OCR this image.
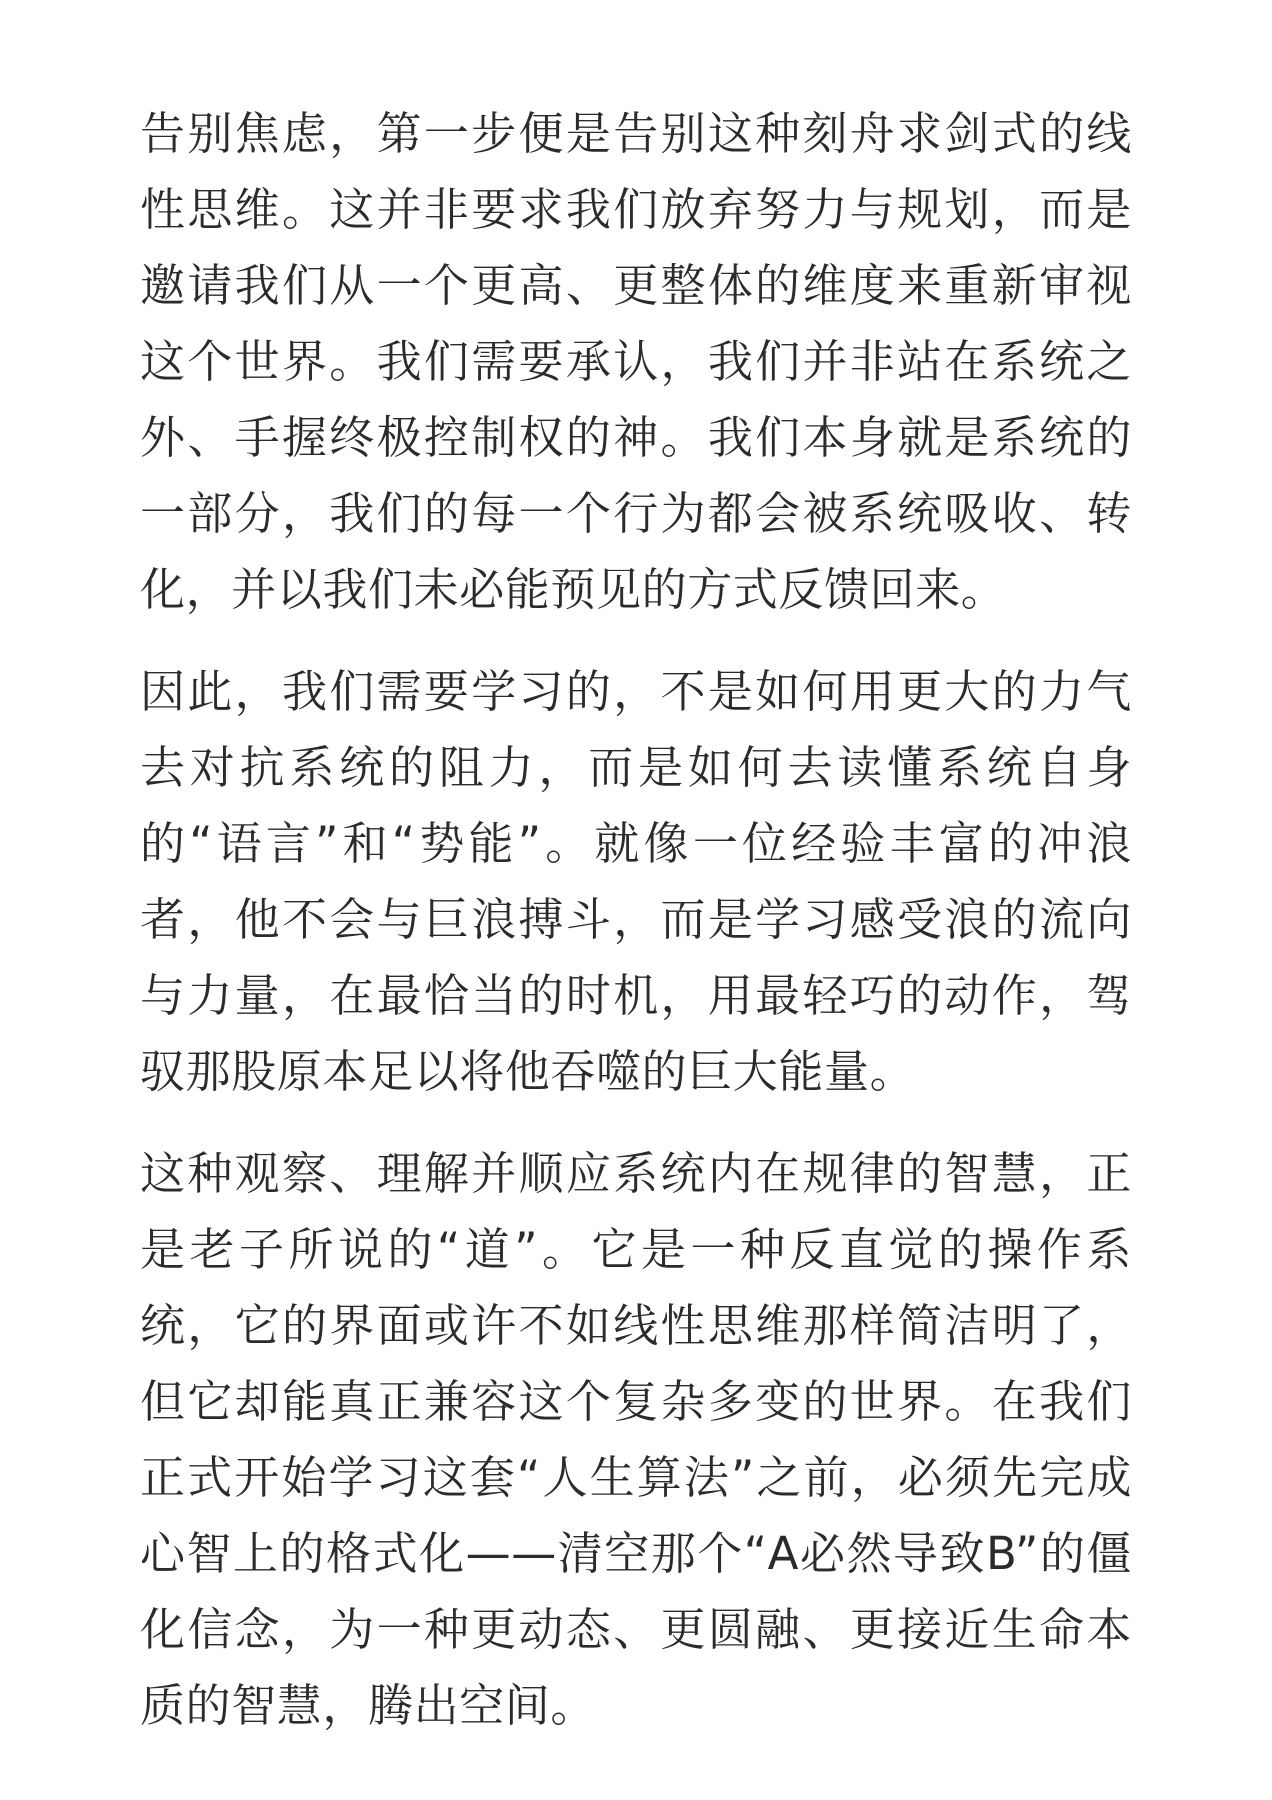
告别焦虑，第一步便是告别这种刻舟求剑式的线性思维。这并非要求我们放弃努力与规划，而是邀请我们从一个更高、更整体的维度来重新审视这个世界。我们需要承认，我们并非站在系统之外、手握终极控制权的神。我们本身就是系统的一部分，我们的每一个行为都会被系统吸收、转化，并以我们未必能预见的方式反馈回来。

因此，我们需要学习的，不是如何用更大的力气去对抗系统的阻力，而是如何去读懂系统自身的“语言”和“势能”。就像一位经验丰富的冲浪者，他不会与巨浪搏斗，而是学习感受浪的流向与力量，在最恰当的时机，用最轻巧的动作，驾驭那股原本足以将他吞噬的巨大能量。

这种观察、理解并顺应系统内在规律的智慧，正是老子所说的“道”。它是一种反直觉的操作系统，它的界面或许不如线性思维那样简洁明了，但它却能真正兼容这个复杂多变的世界。在我们正式开始学习这套“人生算法”之前，必须先完成心智上的格式化——清空那个“A必然导致B”的僵化信念，为一种更动态、更圆融、更接近生命本质的智慧，腾出空间。
